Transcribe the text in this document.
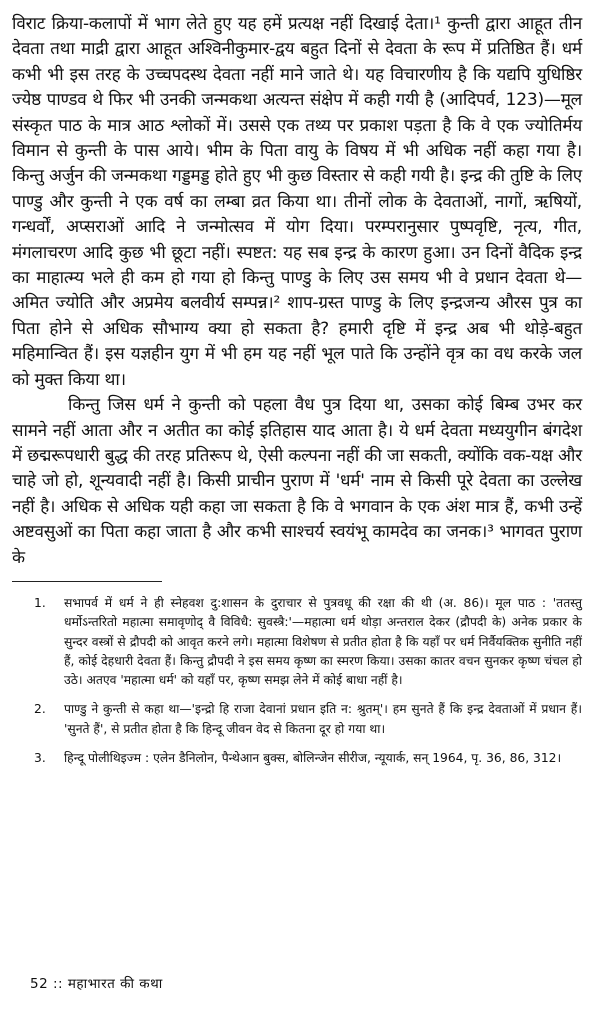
विराट क्रिया-कलापों में भाग लेते हुए यह हमें प्रत्यक्ष नहीं दिखाई देता।¹ कुन्ती द्वारा आहूत तीन देवता तथा माद्री द्वारा आहूत अश्विनीकुमार-द्वय बहुत दिनों से देवता के रूप में प्रतिष्ठित हैं। धर्म कभी भी इस तरह के उच्चपदस्थ देवता नहीं माने जाते थे। यह विचारणीय है कि यद्यपि युधिष्ठिर ज्येष्ठ पाण्डव थे फिर भी उनकी जन्मकथा अत्यन्त संक्षेप में कही गयी है (आदिपर्व, 123)—मूल संस्कृत पाठ के मात्र आठ श्लोकों में। उससे एक तथ्य पर प्रकाश पड़ता है कि वे एक ज्योतिर्मय विमान से कुन्ती के पास आये। भीम के पिता वायु के विषय में भी अधिक नहीं कहा गया है। किन्तु अर्जुन की जन्मकथा गड्डमड्ड होते हुए भी कुछ विस्तार से कही गयी है। इन्द्र की तुष्टि के लिए पाण्डु और कुन्ती ने एक वर्ष का लम्बा व्रत किया था। तीनों लोक के देवताओं, नागों, ऋषियों, गन्धर्वों, अप्सराओं आदि ने जन्मोत्सव में योग दिया। परम्परानुसार पुष्पवृष्टि, नृत्य, गीत, मंगलाचरण आदि कुछ भी छूटा नहीं। स्पष्टत: यह सब इन्द्र के कारण हुआ। उन दिनों वैदिक इन्द्र का माहात्म्य भले ही कम हो गया हो किन्तु पाण्डु के लिए उस समय भी वे प्रधान देवता थे—अमित ज्योति और अप्रमेय बलवीर्य सम्पन्न।² शाप-ग्रस्त पाण्डु के लिए इन्द्रजन्य औरस पुत्र का पिता होने से अधिक सौभाग्य क्या हो सकता है? हमारी दृष्टि में इन्द्र अब भी थोड़े-बहुत महिमान्वित हैं। इस यज्ञहीन युग में भी हम यह नहीं भूल पाते कि उन्होंने वृत्र का वध करके जल को मुक्त किया था।

किन्तु जिस धर्म ने कुन्ती को पहला वैध पुत्र दिया था, उसका कोई बिम्ब उभर कर सामने नहीं आता और न अतीत का कोई इतिहास याद आता है। ये धर्म देवता मध्ययुगीन बंगदेश में छद्मरूपधारी बुद्ध की तरह प्रतिरूप थे, ऐसी कल्पना नहीं की जा सकती, क्योंकि वक-यक्ष और चाहे जो हो, शून्यवादी नहीं है। किसी प्राचीन पुराण में 'धर्म' नाम से किसी पूरे देवता का उल्लेख नहीं है। अधिक से अधिक यही कहा जा सकता है कि वे भगवान के एक अंश मात्र हैं, कभी उन्हें अष्टवसुओं का पिता कहा जाता है और कभी साश्चर्य स्वयंभू कामदेव का जनक।³ भागवत पुराण के

1.	सभापर्व में धर्म ने ही स्नेहवश दु:शासन के दुराचार से पुत्रवधू की रक्षा की थी (अ. 86)। मूल पाठ : 'ततस्तु धर्मोऽन्तरितो महात्मा समावृणोद् वै विविधै: सुवस्त्रै:'—महात्मा धर्म थोड़ा अन्तराल देकर (द्रौपदी के) अनेक प्रकार के सुन्दर वस्त्रों से द्रौपदी को आवृत करने लगे। महात्मा विशेषण से प्रतीत होता है कि यहाँ पर धर्म निर्वैयक्तिक सुनीति नहीं हैं, कोई देहधारी देवता हैं। किन्तु द्रौपदी ने इस समय कृष्ण का स्मरण किया। उसका कातर वचन सुनकर कृष्ण चंचल हो उठे। अतएव 'महात्मा धर्म' को यहाँ पर, कृष्ण समझ लेने में कोई बाधा नहीं है।
2.	पाण्डु ने कुन्ती से कहा था—'इन्द्रो हि राजा देवानां प्रधान इति न: श्रुतम्'। हम सुनते हैं कि इन्द्र देवताओं में प्रधान हैं। 'सुनते हैं', से प्रतीत होता है कि हिन्दू जीवन वेद से कितना दूर हो गया था।
3.	हिन्दू पोलीथिइज्म : एलेन डैनिलोन, पैन्थेआन बुक्स, बोलिन्जेन सीरीज, न्यूयार्क, सन् 1964, पृ. 36, 86, 312।
52 :: महाभारत की कथा
